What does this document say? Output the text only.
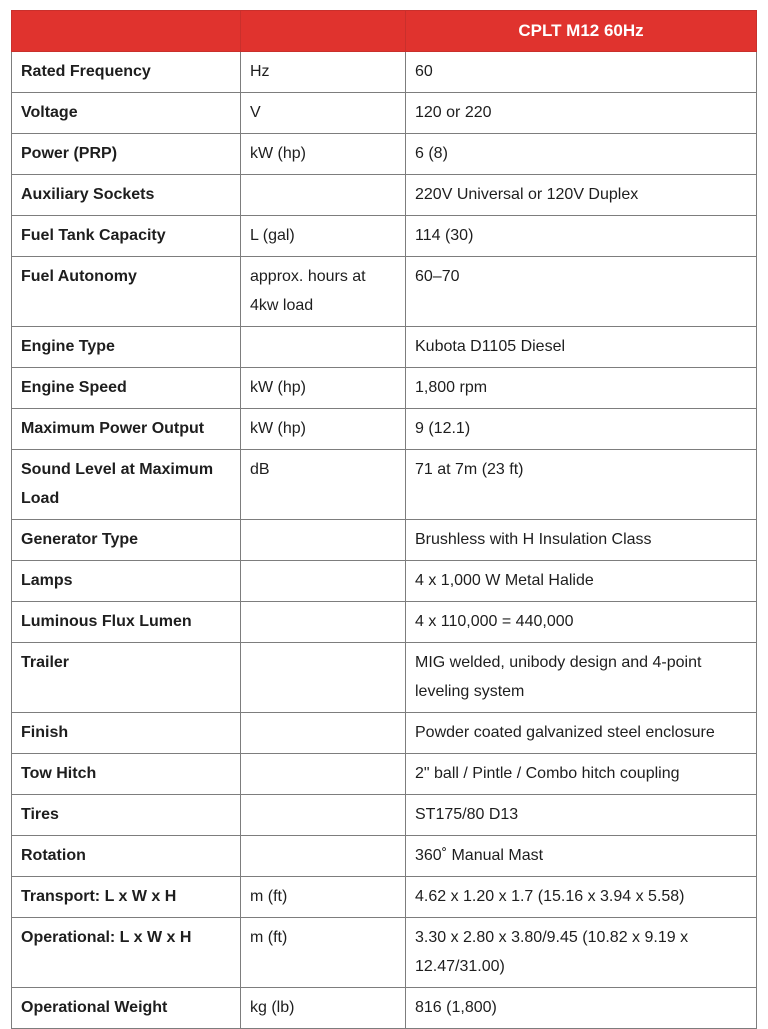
		CPLT M12 60Hz
Rated Frequency	Hz	60
Voltage	V	120 or 220
Power (PRP)	kW (hp)	6 (8)
Auxiliary Sockets		220V Universal or 120V Duplex
Fuel Tank Capacity	L (gal)	114 (30)
Fuel Autonomy	approx. hours at 4kw load	60–70
Engine Type		Kubota D1105 Diesel
Engine Speed	kW (hp)	1,800 rpm
Maximum Power Output	kW (hp)	9 (12.1)
Sound Level at Maximum Load	dB	71 at 7m (23 ft)
Generator Type		Brushless with H Insulation Class
Lamps		4 x 1,000 W Metal Halide
Luminous Flux Lumen		4 x 110,000 = 440,000
Trailer		MIG welded, unibody design and 4-point leveling system
Finish		Powder coated galvanized steel enclosure
Tow Hitch		2" ball / Pintle / Combo hitch coupling
Tires		ST175/80 D13
Rotation		360˚ Manual Mast
Transport: L x W x H	m (ft)	4.62 x 1.20 x 1.7 (15.16 x 3.94 x 5.58)
Operational: L x W x H	m (ft)	3.30 x 2.80 x 3.80/9.45 (10.82 x 9.19 x 12.47/31.00)
Operational Weight	kg (lb)	816 (1,800)
